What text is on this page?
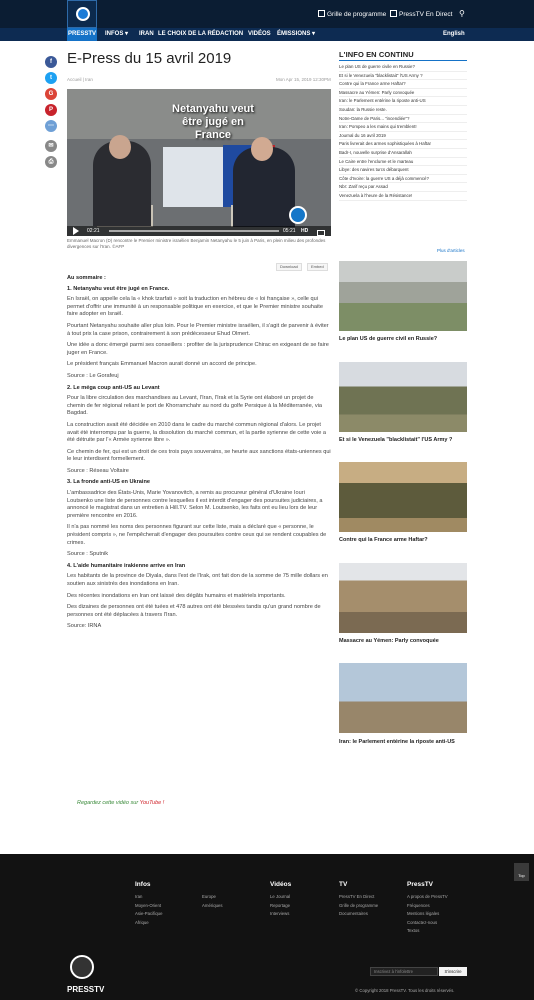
PRESSTV
Grille de programme	PressTV En Direct ⚲
INFOS ▾ IRAN LE CHOIX DE LA RÉDACTION VIDÉOS ÉMISSIONS ▾	English
f
t
G
P
⋯
✉
⎙
E-Press du 15 avril 2019
Accueil | Iran	Mon Apr 15, 2019 12:30PM
Netanyahu veut être jugé en France
02:21	05:21 HD
Emmanuel Macron (D) rencontre le Premier ministre israélien Benjamin Netanyahu le 5 juin à Paris, en plein milieu des profondes divergences sur l'Iran. ©AFP
Download	Embed

Au sommaire :

1. Netanyahu veut être jugé en France.

En Israël, on appelle cela la « khok tzarfati » soit la traduction en hébreu de « loi française », celle qui permet d'offrir une immunité à un responsable politique en exercice, et que le Premier ministre souhaite faire adopter en Israël.

Pourtant Netanyahu souhaite aller plus loin. Pour le Premier ministre israélien, il s'agit de parvenir à éviter à tout prix la case prison, contrairement à son prédécesseur Ehud Olmert.

Une idée a donc émergé parmi ses conseillers : profiter de la jurisprudence Chirac en exigeant de se faire juger en France.

Le président français Emmanuel Macron aurait donné un accord de principe.

Source : Le Gorafeuj

2. Le méga coup anti-US au Levant

Pour la libre circulation des marchandises au Levant, l'Iran, l'Irak et la Syrie ont élaboré un projet de chemin de fer régional reliant le port de Khorramchahr au nord du golfe Persique à la Méditerranée, via Bagdad.

La construction avait été décidée en 2010 dans le cadre du marché commun régional d'alors. Le projet avait été interrompu par la guerre, la dissolution du marché commun, et la partie syrienne de cette voie a été détruite par l'« Armée syrienne libre ».

Ce chemin de fer, qui est un droit de ces trois pays souverains, se heurte aux sanctions états-uniennes qui le leur interdisent formellement.

Source : Réseau Voltaire

3. La fronde anti-US en Ukraine

L'ambassadrice des États-Unis, Marie Yovanovitch, a remis au procureur général d'Ukraine Iouri Loutsenko une liste de personnes contre lesquelles il est interdit d'engager des poursuites judiciaires, a annoncé le magistrat dans un entretien à Hill.TV. Selon M. Loutsenko, les faits ont eu lieu lors de leur première rencontre en 2016.

Il n'a pas nommé les noms des personnes figurant sur cette liste, mais a déclaré que « personne, le président compris », ne l'empêcherait d'engager des poursuites contre ceux qui se rendent coupables de crimes.

Source : Sputnik

4. L'aide humanitaire irakienne arrive en Iran

Les habitants de la province de Diyala, dans l'est de l'Irak, ont fait don de la somme de 75 mille dollars en soutien aux sinistrés des inondations en Iran.

Des récentes inondations en Iran ont laissé des dégâts humains et matériels importants.

Des dizaines de personnes ont été tuées et 478 autres ont été blessées tandis qu'un grand nombre de personnes ont été déplacées à travers l'Iran.

Source: IRNA

Regardez cette vidéo sur YouTube !
L'INFO EN CONTINU
Le plan US de guerre civile en Russie?
Et si le Venezuela "blacklistait" l'US Army ?
Contre qui la France arme Haftar?
Massacre au Yémen: Parly convoquée
Iran: le Parlement entérine la riposte anti-US
Soudan: la Russie reste.
Notre-Dame de Paris... "incendiée"?
Iran: Pompeo a les mains qui tremblent!
Journal du 16 avril 2019
Paris livrerait des armes sophistiquées à Haftar
Badr-I, nouvelle surprise d'Ansarallah
Le Caire entre l'enclume et le marteau
Libye: des navires turcs débarquent
Côte d'Ivoire: la guerre US a déjà commencé?
Nbr: Zarif reçu par Assad
Venezuela à l'heure de la Résistance!
Plus d'articles
Le plan US de guerre civil en Russie?
Et si le Venezuela "blacklistait" l'US Army ?
Contre qui la France arme Haftar?
Massacre au Yémen: Parly convoquée
Iran: le Parlement entérine la riposte anti-US
Top
Infos
Iran
Moyen-Orient
Asie-Pacifique
Afrique
Europe
Amériques
Vidéos
Le Journal
Reportage
Interviews
TV
PressTV En Direct
Grille de programme
Documentaires
PressTV
A propos de PressTV
Fréquences
Mentions légales
Contactez-nous
Textos
PRESSTV
Inscrivez à l'infolettre	S'inscrire
© Copyright 2018 PressTV. Tous les droits réservés.
